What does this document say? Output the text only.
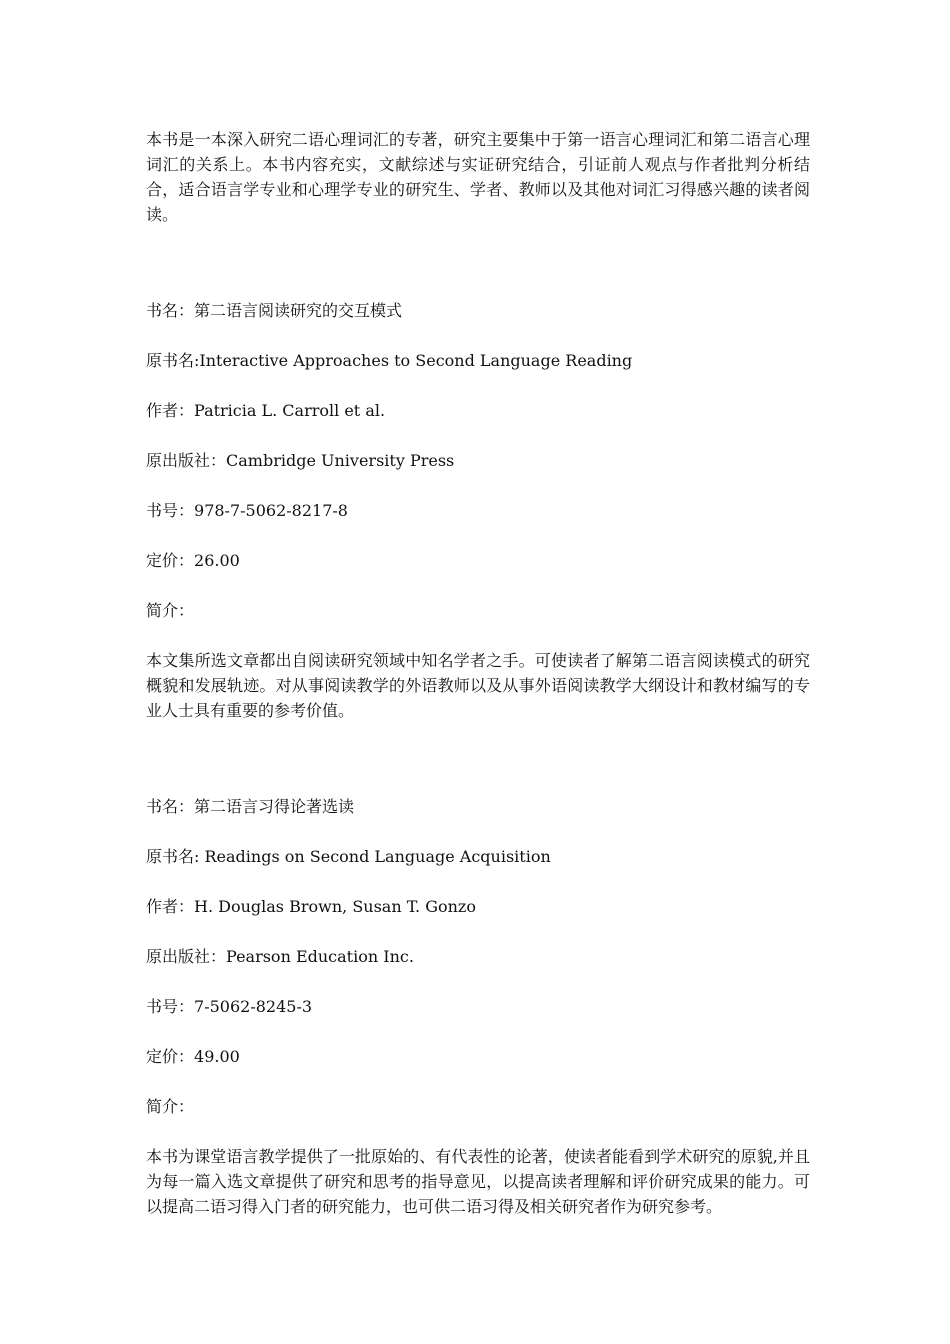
本书是一本深入研究二语心理词汇的专著，研究主要集中于第一语言心理词汇和第二语言心理词汇的关系上。本书内容充实，文献综述与实证研究结合，引证前人观点与作者批判分析结合，适合语言学专业和心理学专业的研究生、学者、教师以及其他对词汇习得感兴趣的读者阅读。

书名：第二语言阅读研究的交互模式

原书名:Interactive Approaches to Second Language Reading

作者：Patricia L. Carroll et al.

原出版社：Cambridge University Press

书号：978-7-5062-8217-8

定价：26.00

简介：

本文集所选文章都出自阅读研究领域中知名学者之手。可使读者了解第二语言阅读模式的研究概貌和发展轨迹。对从事阅读教学的外语教师以及从事外语阅读教学大纲设计和教材编写的专业人士具有重要的参考价值。

书名：第二语言习得论著选读

原书名: Readings on Second Language Acquisition

作者：H. Douglas Brown, Susan T. Gonzo

原出版社：Pearson Education Inc.

书号：7-5062-8245-3

定价：49.00

简介：

本书为课堂语言教学提供了一批原始的、有代表性的论著，使读者能看到学术研究的原貌,并且为每一篇入选文章提供了研究和思考的指导意见，以提高读者理解和评价研究成果的能力。可以提高二语习得入门者的研究能力，也可供二语习得及相关研究者作为研究参考。
